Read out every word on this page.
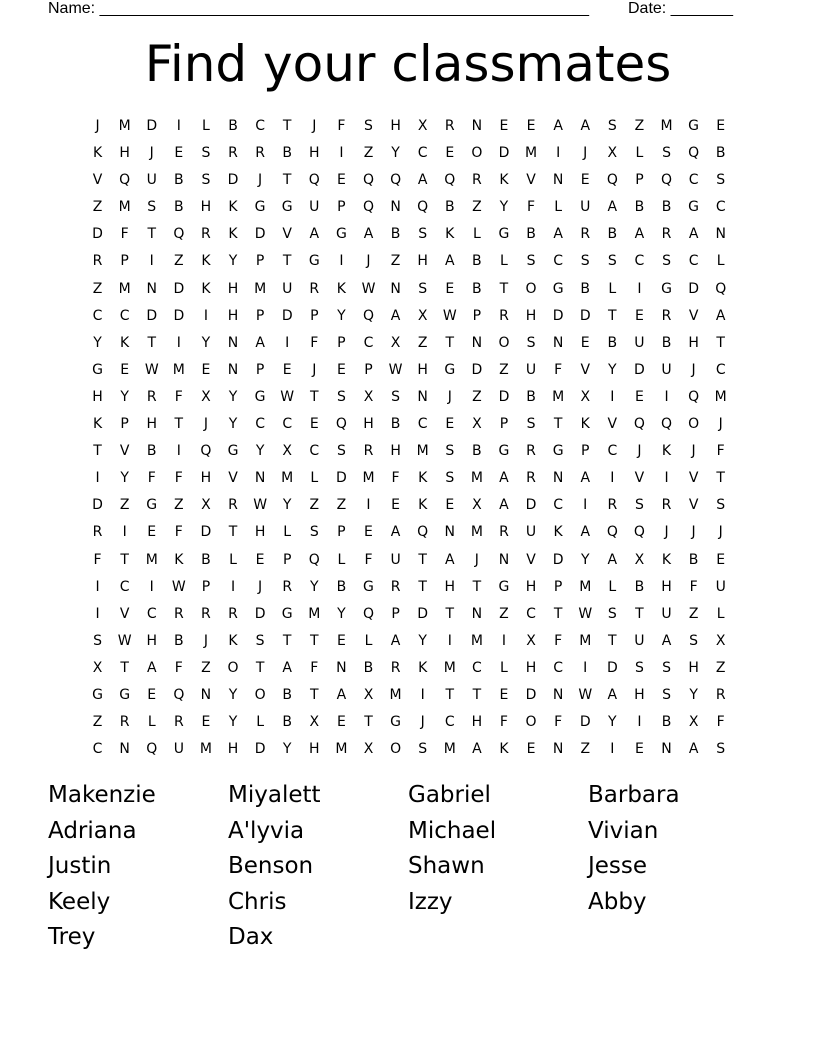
Name: _______________________________________________________ Date: _______
Find your classmates
J	M	D	I	L	B	C	T	J	F	S	H	X	R	N	E	E	A	A	S	Z	M	G	E
K	H	J	E	S	R	R	B	H	I	Z	Y	C	E	O	D	M	I	J	X	L	S	Q	B
V	Q	U	B	S	D	J	T	Q	E	Q	Q	A	Q	R	K	V	N	E	Q	P	Q	C	S
Z	M	S	B	H	K	G	G	U	P	Q	N	Q	B	Z	Y	F	L	U	A	B	B	G	C
D	F	T	Q	R	K	D	V	A	G	A	B	S	K	L	G	B	A	R	B	A	R	A	N
R	P	I	Z	K	Y	P	T	G	I	J	Z	H	A	B	L	S	C	S	S	C	S	C	L
Z	M	N	D	K	H	M	U	R	K	W	N	S	E	B	T	O	G	B	L	I	G	D	Q
C	C	D	D	I	H	P	D	P	Y	Q	A	X	W	P	R	H	D	D	T	E	R	V	A
Y	K	T	I	Y	N	A	I	F	P	C	X	Z	T	N	O	S	N	E	B	U	B	H	T
G	E	W	M	E	N	P	E	J	E	P	W	H	G	D	Z	U	F	V	Y	D	U	J	C
H	Y	R	F	X	Y	G	W	T	S	X	S	N	J	Z	D	B	M	X	I	E	I	Q	M
K	P	H	T	J	Y	C	C	E	Q	H	B	C	E	X	P	S	T	K	V	Q	Q	O	J
T	V	B	I	Q	G	Y	X	C	S	R	H	M	S	B	G	R	G	P	C	J	K	J	F
I	Y	F	F	H	V	N	M	L	D	M	F	K	S	M	A	R	N	A	I	V	I	V	T
D	Z	G	Z	X	R	W	Y	Z	Z	I	E	K	E	X	A	D	C	I	R	S	R	V	S
R	I	E	F	D	T	H	L	S	P	E	A	Q	N	M	R	U	K	A	Q	Q	J	J	J
F	T	M	K	B	L	E	P	Q	L	F	U	T	A	J	N	V	D	Y	A	X	K	B	E
I	C	I	W	P	I	J	R	Y	B	G	R	T	H	T	G	H	P	M	L	B	H	F	U
I	V	C	R	R	R	D	G	M	Y	Q	P	D	T	N	Z	C	T	W	S	T	U	Z	L
S	W	H	B	J	K	S	T	T	E	L	A	Y	I	M	I	X	F	M	T	U	A	S	X
X	T	A	F	Z	O	T	A	F	N	B	R	K	M	C	L	H	C	I	D	S	S	H	Z
G	G	E	Q	N	Y	O	B	T	A	X	M	I	T	T	E	D	N	W	A	H	S	Y	R
Z	R	L	R	E	Y	L	B	X	E	T	G	J	C	H	F	O	F	D	Y	I	B	X	F
C	N	Q	U	M	H	D	Y	H	M	X	O	S	M	A	K	E	N	Z	I	E	N	A	S
Makenzie	Miyalett	Gabriel	Barbara
Adriana	A'lyvia	Michael	Vivian
Justin	Benson	Shawn	Jesse
Keely	Chris	Izzy	Abby
Trey	Dax
